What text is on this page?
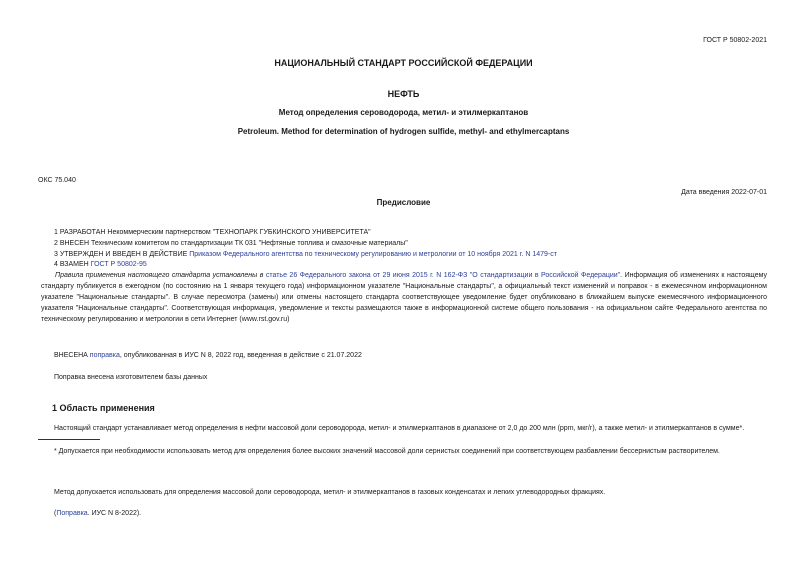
ГОСТ Р 50802-2021
НАЦИОНАЛЬНЫЙ СТАНДАРТ РОССИЙСКОЙ ФЕДЕРАЦИИ
НЕФТЬ
Метод определения сероводорода, метил- и этилмеркаптанов
Petroleum. Method for determination of hydrogen sulfide, methyl- and ethylmercaptans
ОКС 75.040
Дата введения 2022-07-01
Предисловие
1 РАЗРАБОТАН Некоммерческим партнерством "ТЕХНОПАРК ГУБКИНСКОГО УНИВЕРСИТЕТА"
2 ВНЕСЕН Техническим комитетом по стандартизации ТК 031 "Нефтяные топлива и смазочные материалы"
3 УТВЕРЖДЕН И ВВЕДЕН В ДЕЙСТВИЕ Приказом Федерального агентства по техническому регулированию и метрологии от 10 ноября 2021 г. N 1479-ст
4 ВЗАМЕН ГОСТ Р 50802-95
Правила применения настоящего стандарта установлены в статье 26 Федерального закона от 29 июня 2015 г. N 162-ФЗ "О стандартизации в Российской Федерации". Информация об изменениях к настоящему стандарту публикуется в ежегодном (по состоянию на 1 января текущего года) информационном указателе "Национальные стандарты", а официальный текст изменений и поправок - в ежемесячном информационном указателе "Национальные стандарты". В случае пересмотра (замены) или отмены настоящего стандарта соответствующее уведомление будет опубликовано в ближайшем выпуске ежемесячного информационного указателя "Национальные стандарты". Соответствующая информация, уведомление и тексты размещаются также в информационной системе общего пользования - на официальном сайте Федерального агентства по техническому регулированию и метрологии в сети Интернет (www.rst.gov.ru)
ВНЕСЕНА поправка, опубликованная в ИУС N 8, 2022 год, введенная в действие с 21.07.2022
Поправка внесена изготовителем базы данных
1 Область применения
Настоящий стандарт устанавливает метод определения в нефти массовой доли сероводорода, метил- и этилмеркаптанов в диапазоне от 2,0 до 200 млн (ppm, мкг/г), а также метил- и этилмеркаптанов в сумме*.
* Допускается при необходимости использовать метод для определения более высоких значений массовой доли сернистых соединений при соответствующем разбавлении бессернистым растворителем.
Метод допускается использовать для определения массовой доли сероводорода, метил- и этилмеркаптанов в газовых конденсатах и легких углеводородных фракциях.
(Поправка. ИУС N 8-2022).
